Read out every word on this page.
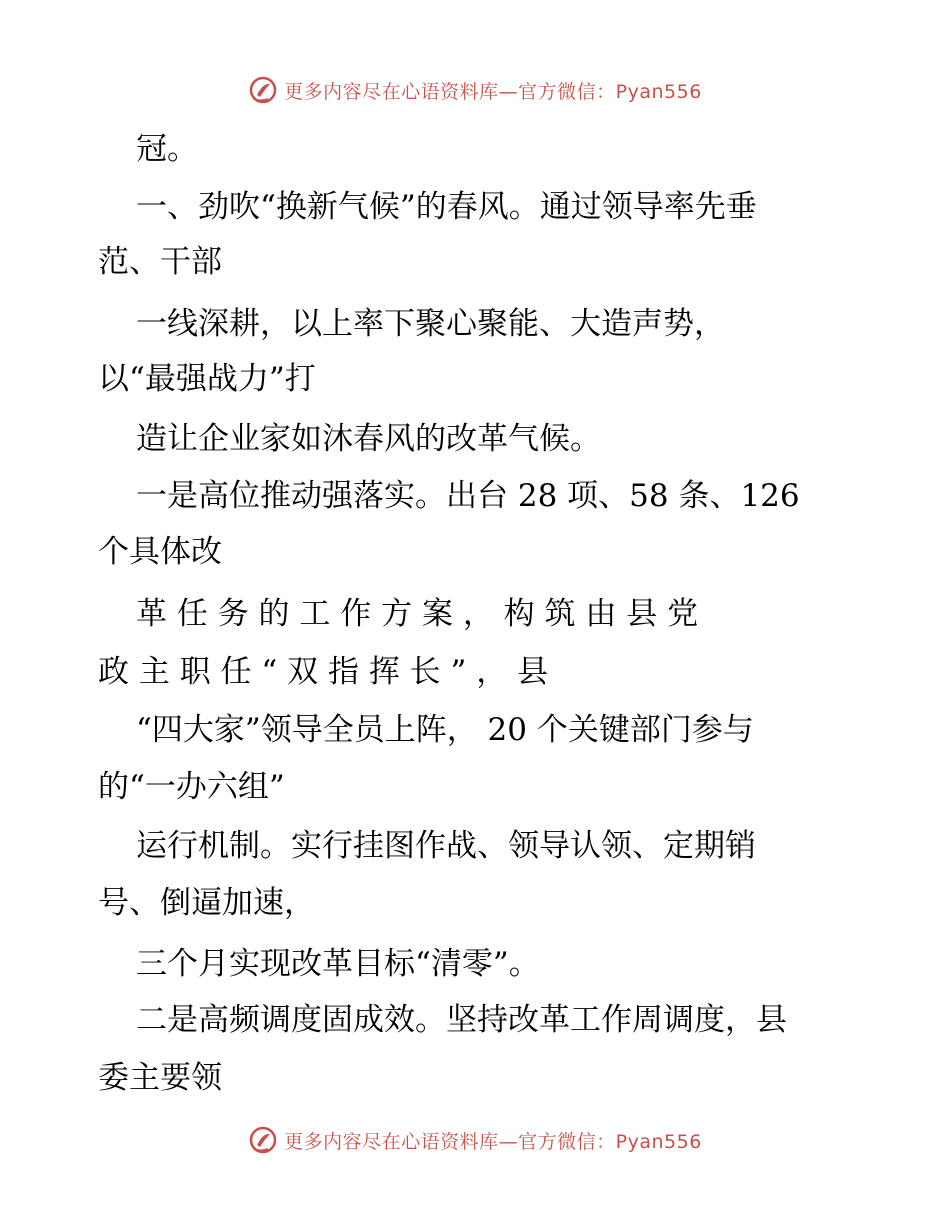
更多内容尽在心语资料库—官方微信：Pyan556
冠。
一、劲吹“换新气候”的春风。通过领导率先垂
范、干部
一线深耕，以上率下聚心聚能、大造声势，
以“最强战力”打
造让企业家如沐春风的改革气候。
一是高位推动强落实。出台 28 项、58 条、126
个具体改
革 任 务 的 工 作 方 案 ， 构 筑 由 县 党
政 主 职 任 “ 双 指 挥 长 ” ， 县
“四大家”领导全员上阵， 20 个关键部门参与
的“一办六组”
运行机制。实行挂图作战、领导认领、定期销
号、倒逼加速，
三个月实现改革目标“清零”。
二是高频调度固成效。坚持改革工作周调度，县
委主要领
更多内容尽在心语资料库—官方微信：Pyan556
